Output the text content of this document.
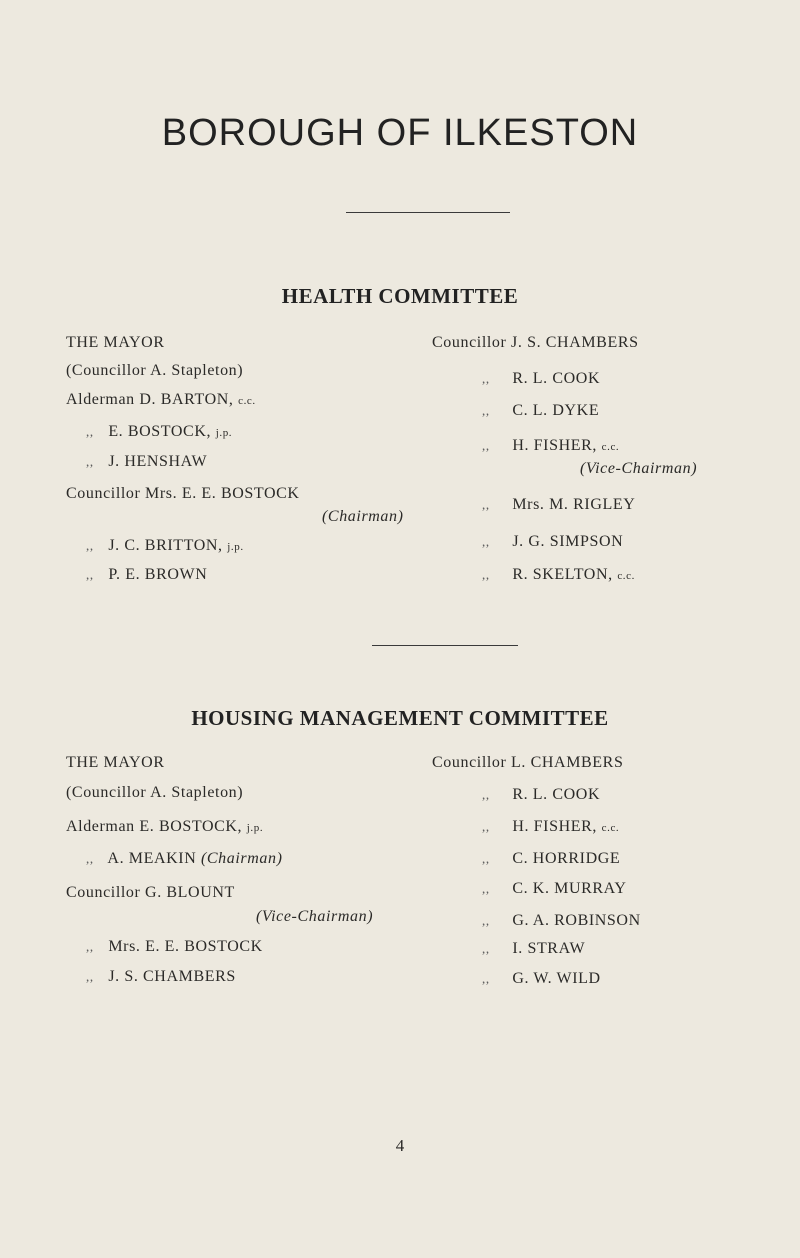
BOROUGH OF ILKESTON
HEALTH COMMITTEE
THE MAYOR
(Councillor A. Stapleton)
Alderman D. BARTON, c.c.
,, E. BOSTOCK, j.p.
,, J. HENSHAW
Councillor Mrs. E. E. BOSTOCK
(Chairman)
,, J. C. BRITTON, j.p.
,, P. E. BROWN
Councillor J. S. CHAMBERS
,, R. L. COOK
,, C. L. DYKE
,, H. FISHER, c.c.
(Vice-Chairman)
,, Mrs. M. RIGLEY
,, J. G. SIMPSON
,, R. SKELTON, c.c.
HOUSING MANAGEMENT COMMITTEE
THE MAYOR
(Councillor A. Stapleton)
Alderman E. BOSTOCK, j.p.
,, A. MEAKIN (Chairman)
Councillor G. BLOUNT
(Vice-Chairman)
,, Mrs. E. E. BOSTOCK
,, J. S. CHAMBERS
Councillor L. CHAMBERS
,, R. L. COOK
,, H. FISHER, c.c.
,, C. HORRIDGE
,, C. K. MURRAY
,, G. A. ROBINSON
,, I. STRAW
,, G. W. WILD
4
